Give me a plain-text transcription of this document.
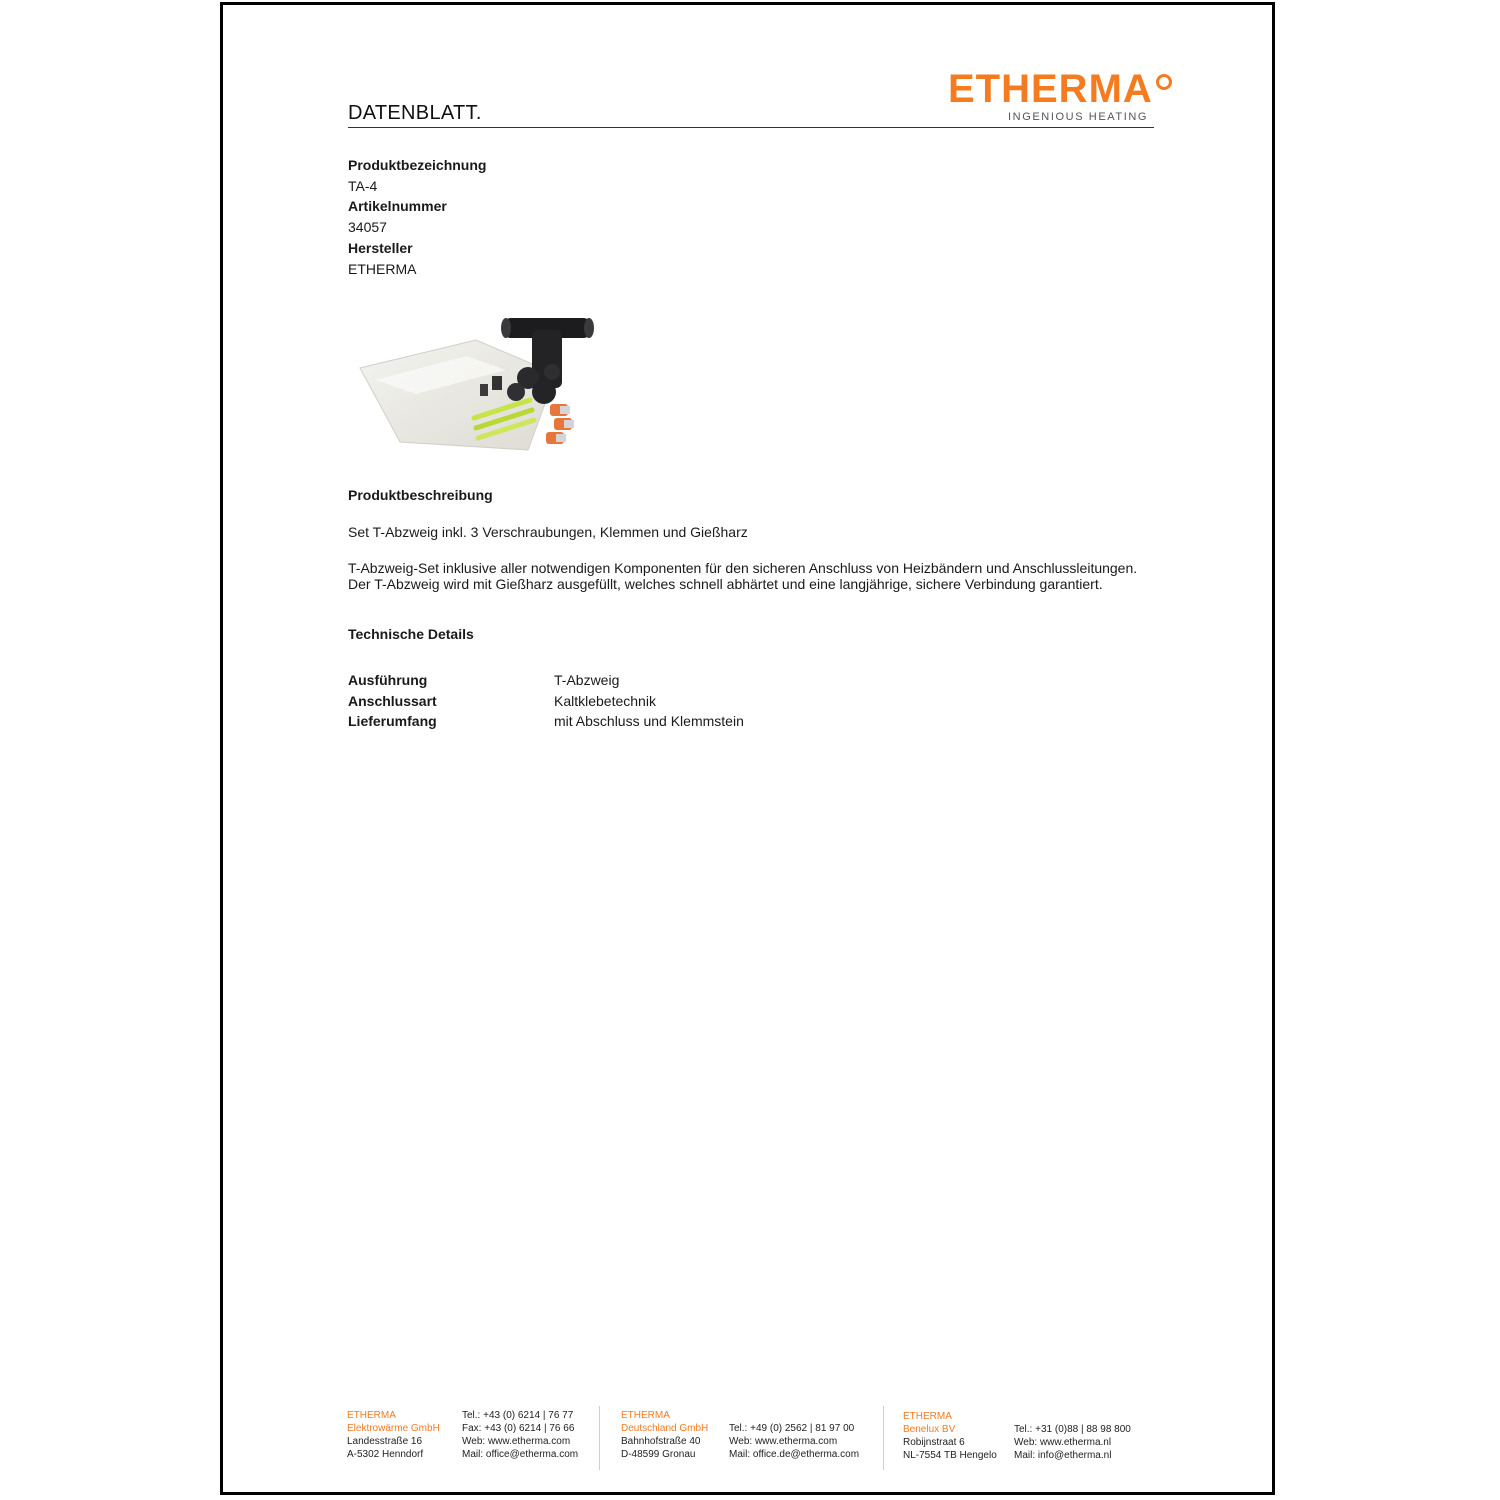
DATENBLATT.
ETHERMA
INGENIOUS HEATING
Produktbezeichnung
TA-4
Artikelnummer
34057
Hersteller
ETHERMA
Produktbeschreibung
Set T-Abzweig inkl. 3 Verschraubungen, Klemmen und Gießharz
T-Abzweig-Set inklusive aller notwendigen Komponenten für den sicheren Anschluss von Heizbändern und Anschlussleitungen.
Der T-Abzweig wird mit Gießharz ausgefüllt, welches schnell abhärtet und eine langjährige, sichere Verbindung garantiert.
Technische Details
Ausführung	T-Abzweig
Anschlussart	Kaltklebetechnik
Lieferumfang	mit Abschluss und Klemmstein
ETHERMA
Elektrowärme GmbH
Landesstraße 16
A-5302 Henndorf
Tel.: +43 (0) 6214 | 76 77
Fax: +43 (0) 6214 | 76 66
Web: www.etherma.com
Mail: office@etherma.com
ETHERMA
Deutschland GmbH
Bahnhofstraße 40
D-48599 Gronau
Tel.: +49 (0) 2562 | 81 97 00
Web: www.etherma.com
Mail: office.de@etherma.com
ETHERMA
Benelux BV
Robijnstraat 6
NL-7554 TB Hengelo
Tel.: +31 (0)88 | 88 98 800
Web: www.etherma.nl
Mail: info@etherma.nl
